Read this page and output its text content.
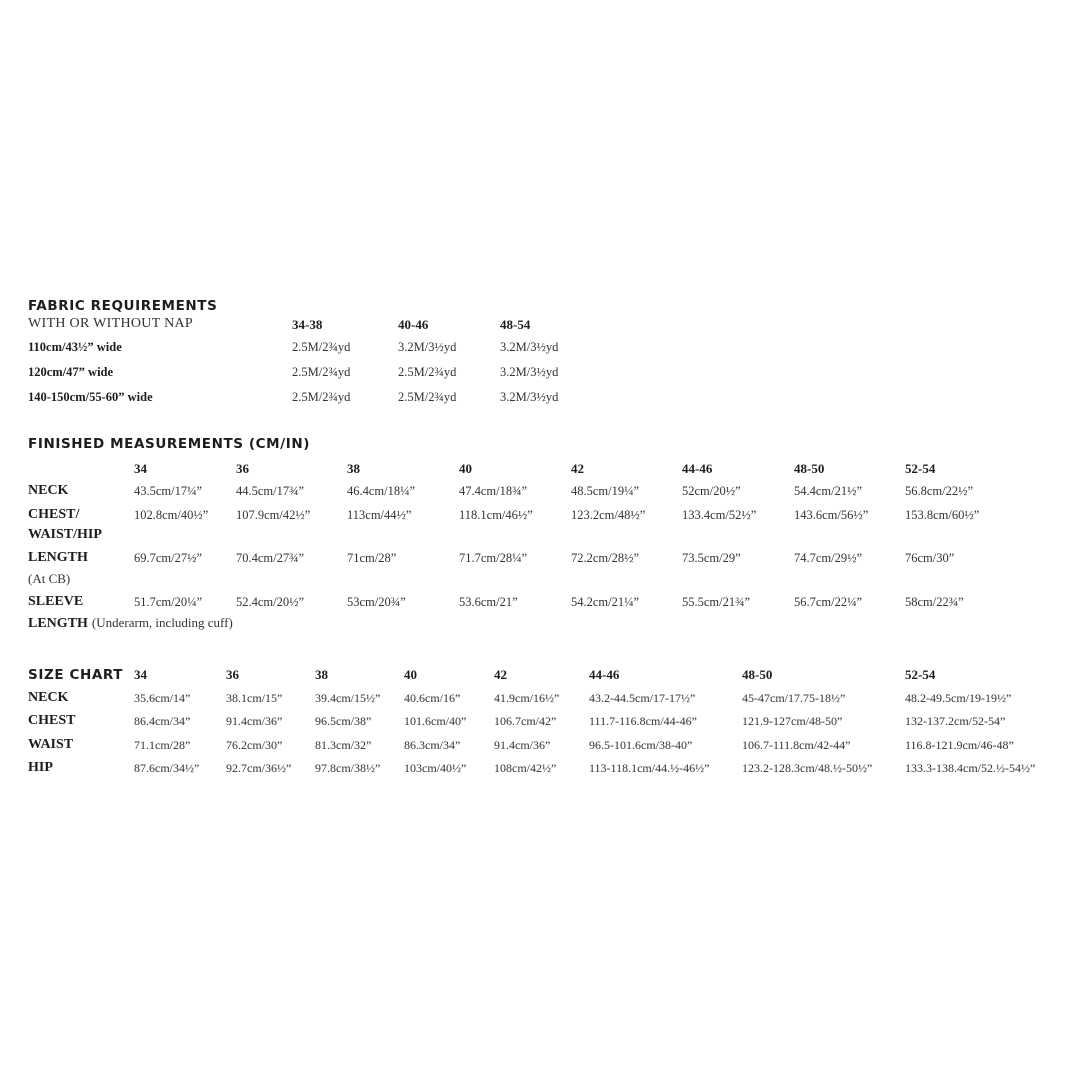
FABRIC REQUIREMENTS
WITH OR WITHOUT NAP	34-38	40-46	48-54
110cm/43½” wide	2.5M/2¾yd	3.2M/3½yd	3.2M/3½yd
120cm/47” wide	2.5M/2¾yd	2.5M/2¾yd	3.2M/3½yd
140-150cm/55-60” wide	2.5M/2¾yd	2.5M/2¾yd	3.2M/3½yd
FINISHED MEASUREMENTS (CM/IN)
34	36	38	40	42	44-46	48-50	52-54
NECK	43.5cm/17¼”	44.5cm/17¾”	46.4cm/18¼”	47.4cm/18¾”	48.5cm/19¼”	52cm/20½”	54.4cm/21½”	56.8cm/22½”
CHEST/
WAIST/HIP
102.8cm/40½” 107.9cm/42½”	113cm/44½”	118.1cm/46½”	123.2cm/48½”	133.4cm/52½”	143.6cm/56½”	153.8cm/60½”
LENGTH
(At CB)
69.7cm/27½”	70.4cm/27¾”	71cm/28”	71.7cm/28¼”	72.2cm/28½”	73.5cm/29”	74.7cm/29½”	76cm/30”
SLEEVE
LENGTH (Underarm, including cuff)
51.7cm/20¼”	52.4cm/20½”	53cm/20¾”	53.6cm/21”	54.2cm/21¼”	55.5cm/21¾”	56.7cm/22¼”	58cm/22¾”
SIZE CHART 34	36	38	40	42	44-46	48-50	52-54
NECK	35.6cm/14”	38.1cm/15”	39.4cm/15½” 40.6cm/16”	41.9cm/16½” 43.2-44.5cm/17-17½”	45-47cm/17.75-18½”	48.2-49.5cm/19-19½”
CHEST	86.4cm/34”	91.4cm/36”	96.5cm/38”	101.6cm/40” 106.7cm/42”	111.7-116.8cm/44-46”	121.9-127cm/48-50”	132-137.2cm/52-54”
WAIST	71.1cm/28”	76.2cm/30”	81.3cm/32”	86.3cm/34”	91.4cm/36”	96.5-101.6cm/38-40”	106.7-111.8cm/42-44”	116.8-121.9cm/46-48”
HIP	87.6cm/34½” 92.7cm/36½” 97.8cm/38½” 103cm/40½” 108cm/42½”	113-118.1cm/44.½-46½”	123.2-128.3cm/48.½-50½”	133.3-138.4cm/52.½-54½”
